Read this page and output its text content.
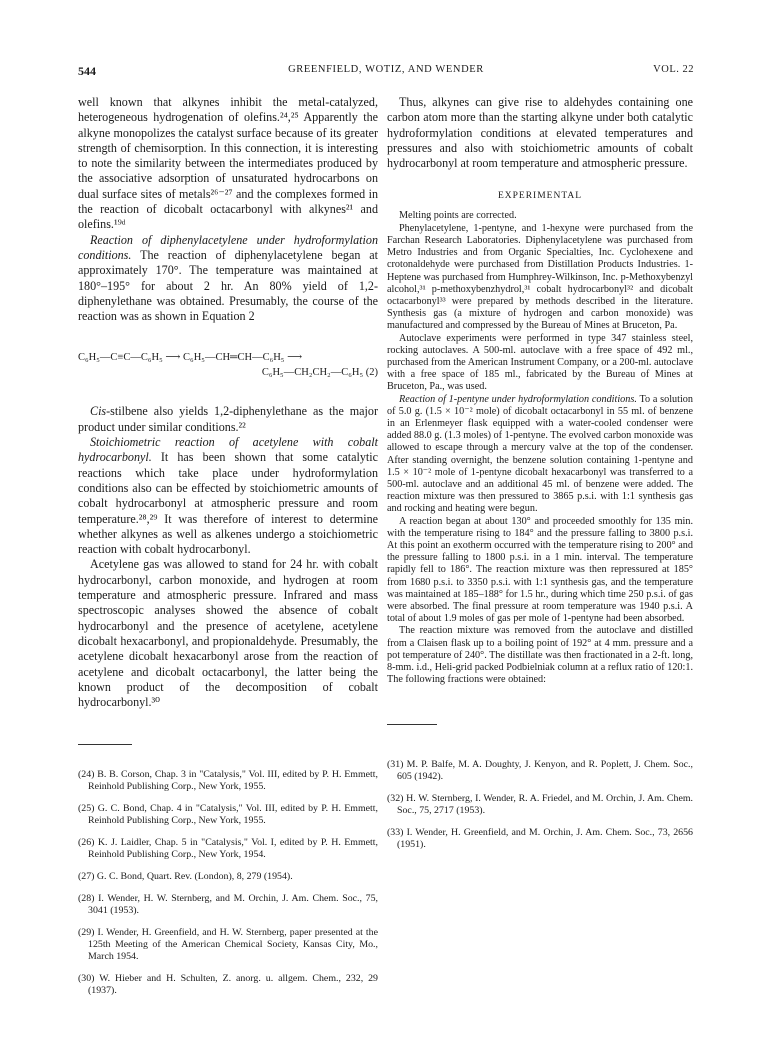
544	GREENFIELD, WOTIZ, AND WENDER	VOL. 22

well known that alkynes inhibit the metal-catalyzed, heterogeneous hydrogenation of olefins.²⁴,²⁵ Apparently the alkyne monopolizes the catalyst surface because of its greater strength of chemisorption. In this connection, it is interesting to note the similarity between the intermediates produced by the associative adsorption of unsaturated hydrocarbons on dual surface sites of metals²⁶⁻²⁷ and the complexes formed in the reaction of dicobalt octacarbonyl with alkynes²¹ and olefins.¹⁹ᵈ

Reaction of diphenylacetylene under hydroformylation conditions. The reaction of diphenylacetylene began at approximately 170°. The temperature was maintained at 180°–195° for about 2 hr. An 80% yield of 1,2-diphenylethane was obtained. Presumably, the course of the reaction was as shown in Equation 2

C₆H₅—C≡C—C₆H₅ ⟶ C₆H₅—CH═CH—C₆H₅ ⟶
C₆H₅—CH₂CH₂—C₆H₅ (2)

Cis-stilbene also yields 1,2-diphenylethane as the major product under similar conditions.²²

Stoichiometric reaction of acetylene with cobalt hydrocarbonyl. It has been shown that some catalytic reactions which take place under hydroformylation conditions also can be effected by stoichiometric amounts of cobalt hydrocarbonyl at atmospheric pressure and room temperature.²⁸,²⁹ It was therefore of interest to determine whether alkynes as well as alkenes undergo a stoichiometric reaction with cobalt hydrocarbonyl.

Acetylene gas was allowed to stand for 24 hr. with cobalt hydrocarbonyl, carbon monoxide, and hydrogen at room temperature and atmospheric pressure. Infrared and mass spectroscopic analyses showed the absence of cobalt hydrocarbonyl and the presence of acetylene, acetylene dicobalt hexacarbonyl, and propionaldehyde. Presumably, the acetylene dicobalt hexacarbonyl arose from the reaction of acetylene and dicobalt octacarbonyl, the latter being the known product of the decomposition of cobalt hydrocarbonyl.³⁰

(24) B. B. Corson, Chap. 3 in "Catalysis," Vol. III, edited by P. H. Emmett, Reinhold Publishing Corp., New York, 1955.

(25) G. C. Bond, Chap. 4 in "Catalysis," Vol. III, edited by P. H. Emmett, Reinhold Publishing Corp., New York, 1955.

(26) K. J. Laidler, Chap. 5 in "Catalysis," Vol. I, edited by P. H. Emmett, Reinhold Publishing Corp., New York, 1954.

(27) G. C. Bond, Quart. Rev. (London), 8, 279 (1954).

(28) I. Wender, H. W. Sternberg, and M. Orchin, J. Am. Chem. Soc., 75, 3041 (1953).

(29) I. Wender, H. Greenfield, and H. W. Sternberg, paper presented at the 125th Meeting of the American Chemical Society, Kansas City, Mo., March 1954.

(30) W. Hieber and H. Schulten, Z. anorg. u. allgem. Chem., 232, 29 (1937).

Thus, alkynes can give rise to aldehydes containing one carbon atom more than the starting alkyne under both catalytic hydroformylation conditions at elevated temperatures and pressures and also with stoichiometric amounts of cobalt hydrocarbonyl at room temperature and atmospheric pressure.

EXPERIMENTAL

Melting points are corrected.

Phenylacetylene, 1-pentyne, and 1-hexyne were purchased from the Farchan Research Laboratories. Diphenylacetylene was purchased from Metro Industries and from Organic Specialties, Inc. Cyclohexene and crotonaldehyde were purchased from Distillation Products Industries. 1-Heptene was purchased from Humphrey-Wilkinson, Inc. p-Methoxybenzyl alcohol,³¹ p-methoxybenzhydrol,³¹ cobalt hydrocarbonyl³² and dicobalt octacarbonyl³³ were prepared by methods described in the literature. Synthesis gas (a mixture of hydrogen and carbon monoxide) was manufactured and compressed by the Bureau of Mines at Bruceton, Pa.

Autoclave experiments were performed in type 347 stainless steel, rocking autoclaves. A 500-ml. autoclave with a free space of 492 ml., purchased from the American Instrument Company, or a 200-ml. autoclave with a free space of 185 ml., fabricated by the Bureau of Mines at Bruceton, Pa., was used.

Reaction of 1-pentyne under hydroformylation conditions. To a solution of 5.0 g. (1.5 × 10⁻² mole) of dicobalt octacarbonyl in 55 ml. of benzene in an Erlenmeyer flask equipped with a water-cooled condenser were added 88.0 g. (1.3 moles) of 1-pentyne. The evolved carbon monoxide was allowed to escape through a mercury valve at the top of the condenser. After standing overnight, the benzene solution containing 1-pentyne and 1.5 × 10⁻² mole of 1-pentyne dicobalt hexacarbonyl was transferred to a 500-ml. autoclave and an additional 45 ml. of benzene were added. The reaction mixture was then pressured to 3865 p.s.i. with 1:1 synthesis gas and rocking and heating were begun.

A reaction began at about 130° and proceeded smoothly for 135 min. with the temperature rising to 184° and the pressure falling to 3800 p.s.i. At this point an exotherm occurred with the temperature rising to 200° and the pressure falling to 1800 p.s.i. in a 1 min. interval. The temperature rapidly fell to 186°. The reaction mixture was then repressured at 185° from 1680 p.s.i. to 3350 p.s.i. with 1:1 synthesis gas, and the temperature was maintained at 185–188° for 1.5 hr., during which time 250 p.s.i. of gas were absorbed. The final pressure at room temperature was 1940 p.s.i. A total of about 1.9 moles of gas per mole of 1-pentyne had been absorbed.

The reaction mixture was removed from the autoclave and distilled from a Claisen flask up to a boiling point of 192° at 4 mm. pressure and a pot temperature of 240°. The distillate was then fractionated in a 2-ft. long, 8-mm. i.d., Heli-grid packed Podbielniak column at a reflux ratio of 120:1. The following fractions were obtained:

(31) M. P. Balfe, M. A. Doughty, J. Kenyon, and R. Poplett, J. Chem. Soc., 605 (1942).

(32) H. W. Sternberg, I. Wender, R. A. Friedel, and M. Orchin, J. Am. Chem. Soc., 75, 2717 (1953).

(33) I. Wender, H. Greenfield, and M. Orchin, J. Am. Chem. Soc., 73, 2656 (1951).
